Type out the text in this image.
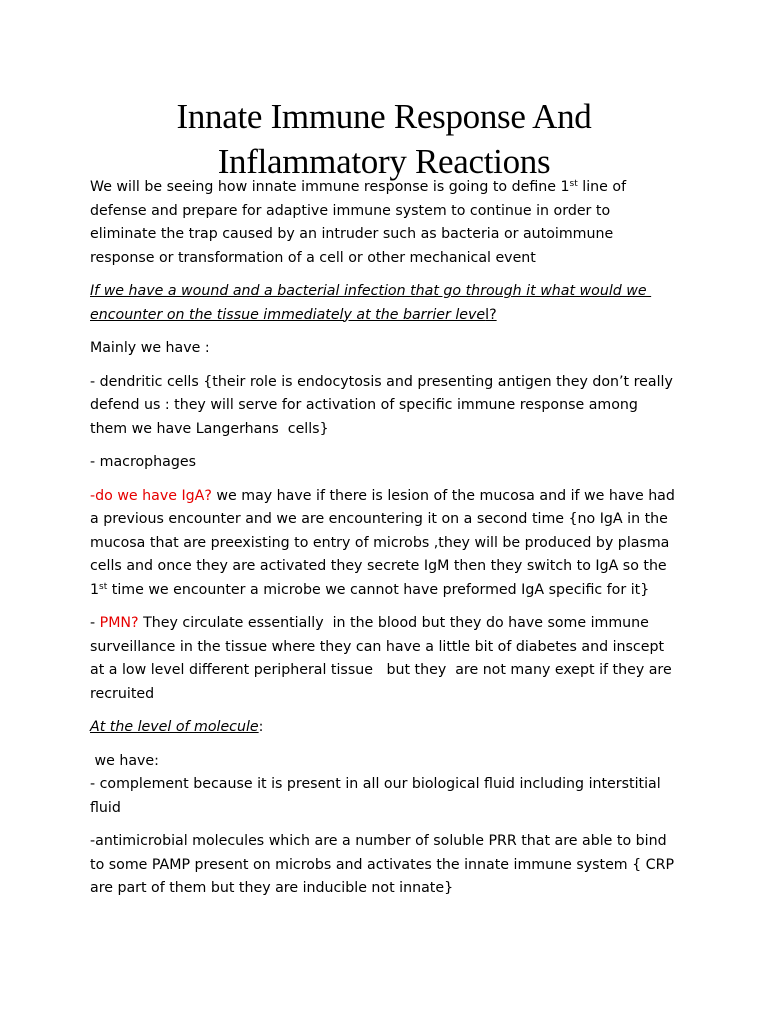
Innate Immune Response And
Inflammatory Reactions
We will be seeing how innate immune response is going to define 1st line of
defense and prepare for adaptive immune system to continue in order to
eliminate the trap caused by an intruder such as bacteria or autoimmune
response or transformation of a cell or other mechanical event
If we have a wound and a bacterial infection that go through it what would we
encounter on the tissue immediately at the barrier level?
Mainly we have :
- dendritic cells {their role is endocytosis and presenting antigen they don’t really
defend us : they will serve for activation of specific immune response among
them we have Langerhans  cells}
- macrophages
-do we have IgA? we may have if there is lesion of the mucosa and if we have had
a previous encounter and we are encountering it on a second time {no IgA in the
mucosa that are preexisting to entry of microbs ,they will be produced by plasma
cells and once they are activated they secrete IgM then they switch to IgA so the
1st time we encounter a microbe we cannot have preformed IgA specific for it}
- PMN? They circulate essentially  in the blood but they do have some immune
surveillance in the tissue where they can have a little bit of diabetes and inscept
at a low level different peripheral tissue   but they  are not many exept if they are
recruited
At the level of molecule:
we have:
- complement because it is present in all our biological fluid including interstitial
fluid
-antimicrobial molecules which are a number of soluble PRR that are able to bind
to some PAMP present on microbs and activates the innate immune system { CRP
are part of them but they are inducible not innate}
